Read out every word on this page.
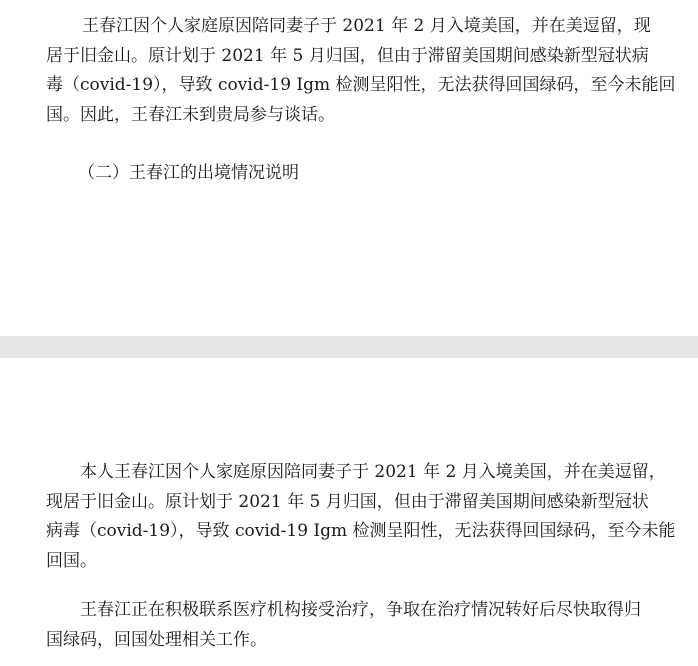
王春江因个人家庭原因陪同妻子于 2021 年 2 月入境美国，并在美逗留，现
居于旧金山。原计划于 2021 年 5 月归国，但由于滞留美国期间感染新型冠状病
毒（covid-19），导致 covid-19 Igm 检测呈阳性，无法获得回国绿码，至今未能回
国。因此，王春江未到贵局参与谈话。
（二）王春江的出境情况说明
本人王春江因个人家庭原因陪同妻子于 2021 年 2 月入境美国，并在美逗留，
现居于旧金山。原计划于 2021 年 5 月归国，但由于滞留美国期间感染新型冠状
病毒（covid-19），导致 covid-19 Igm 检测呈阳性，无法获得回国绿码，至今未能
回国。
王春江正在积极联系医疗机构接受治疗，争取在治疗情况转好后尽快取得归
国绿码，回国处理相关工作。
